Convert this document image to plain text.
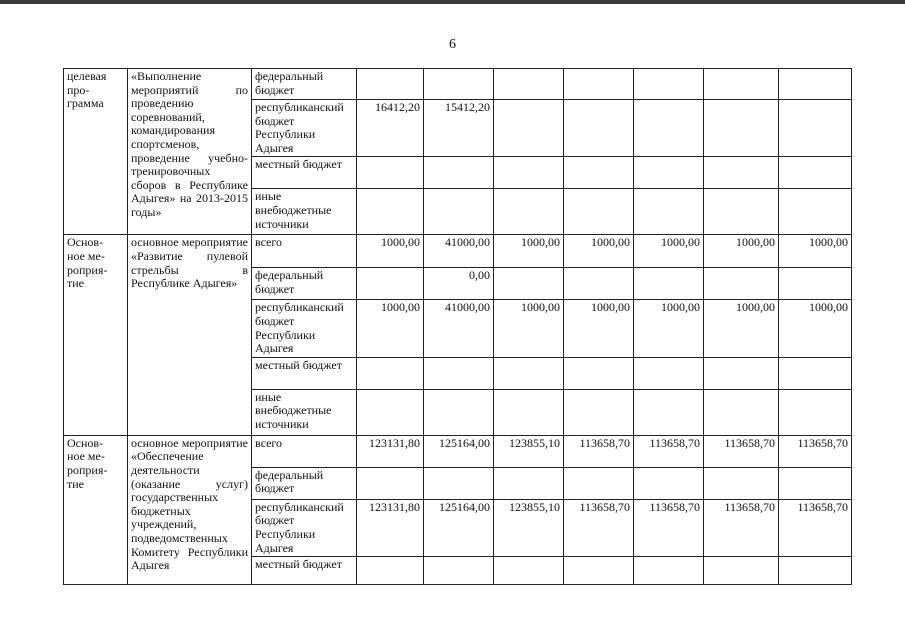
6
целевая
про-
грамма	«Выполнение мероприятий по проведению соревнований, командирования спортсменов, проведение учебно-тренировочных сборов в Республике Адыгея» на 2013-2015 годы»	федеральный бюджет							
		республиканский бюджет Республики Адыгея	16412,20	15412,20					
		местный бюджет							

		иные
внебюджетные
источники							

Основ-
ное ме-
роприя-
тие	основное мероприятие «Развитие пулевой стрельбы в Республике Адыгея»	всего	1000,00	41000,00	1000,00	1000,00	1000,00	1000,00	1000,00
		федеральный бюджет		0,00					
		республиканский бюджет Республики Адыгея	1000,00	41000,00	1000,00	1000,00	1000,00	1000,00	1000,00
		местный бюджет							

		иные
внебюджетные
источники							

Основ-
ное ме-
роприя-
тие	основное мероприятие «Обеспечение деятельности (оказание услуг) государственных бюджетных учреждений, подведомственных Комитету Республики Адыгея	всего	123131,80	125164,00	123855,10	113658,70	113658,70	113658,70	113658,70
		федеральный бюджет							
		республиканский бюджет Республики Адыгея	123131,80	125164,00	123855,10	113658,70	113658,70	113658,70	113658,70
		местный бюджет							
